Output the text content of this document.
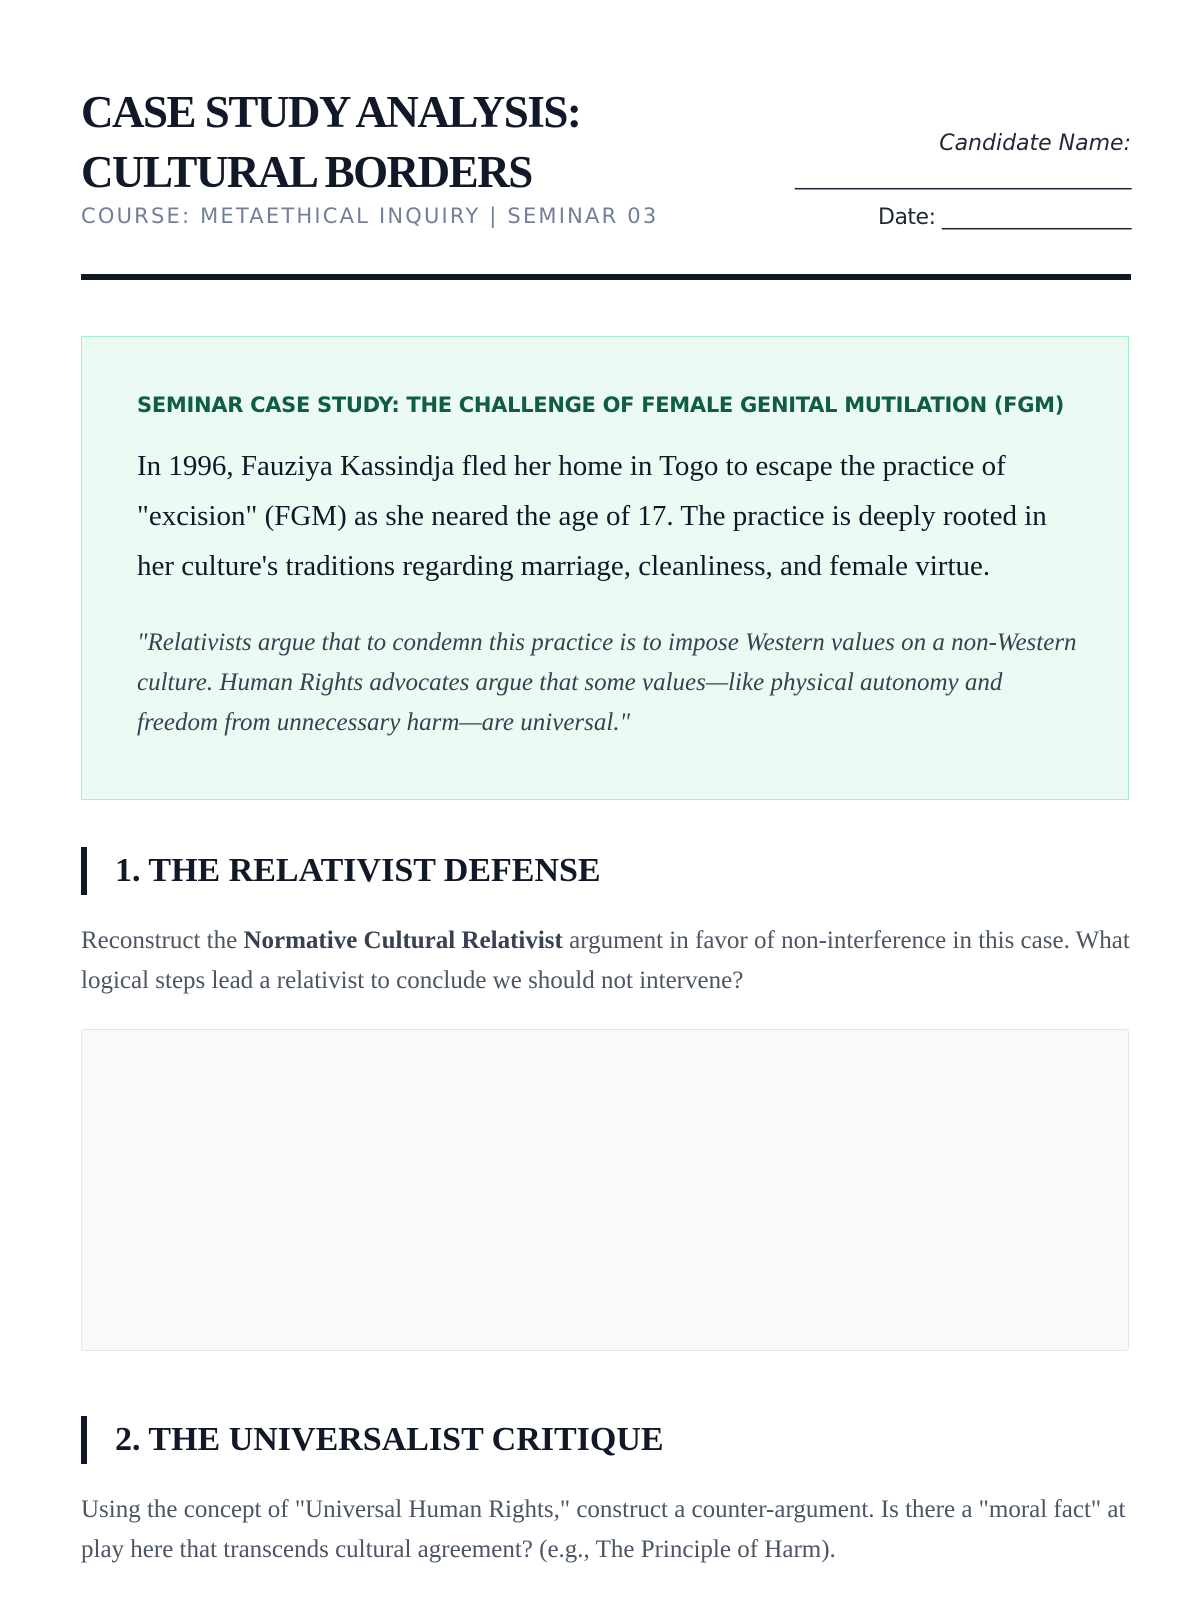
CASE STUDY ANALYSIS:
CULTURAL BORDERS
COURSE: METAETHICAL INQUIRY | SEMINAR 03
Candidate Name:
________________________________
Date: __________________
SEMINAR CASE STUDY: THE CHALLENGE OF FEMALE GENITAL MUTILATION (FGM)

In 1996, Fauziya Kassindja fled her home in Togo to escape the practice of "excision" (FGM) as she neared the age of 17. The practice is deeply rooted in her culture's traditions regarding marriage, cleanliness, and female virtue.

"Relativists argue that to condemn this practice is to impose Western values on a non-Western culture. Human Rights advocates argue that some values—like physical autonomy and freedom from unnecessary harm—are universal."

1. THE RELATIVIST DEFENSE

Reconstruct the Normative Cultural Relativist argument in favor of non-interference in this case. What logical steps lead a relativist to conclude we should not intervene?

2. THE UNIVERSALIST CRITIQUE

Using the concept of "Universal Human Rights," construct a counter-argument. Is there a "moral fact" at play here that transcends cultural agreement? (e.g., The Principle of Harm).
